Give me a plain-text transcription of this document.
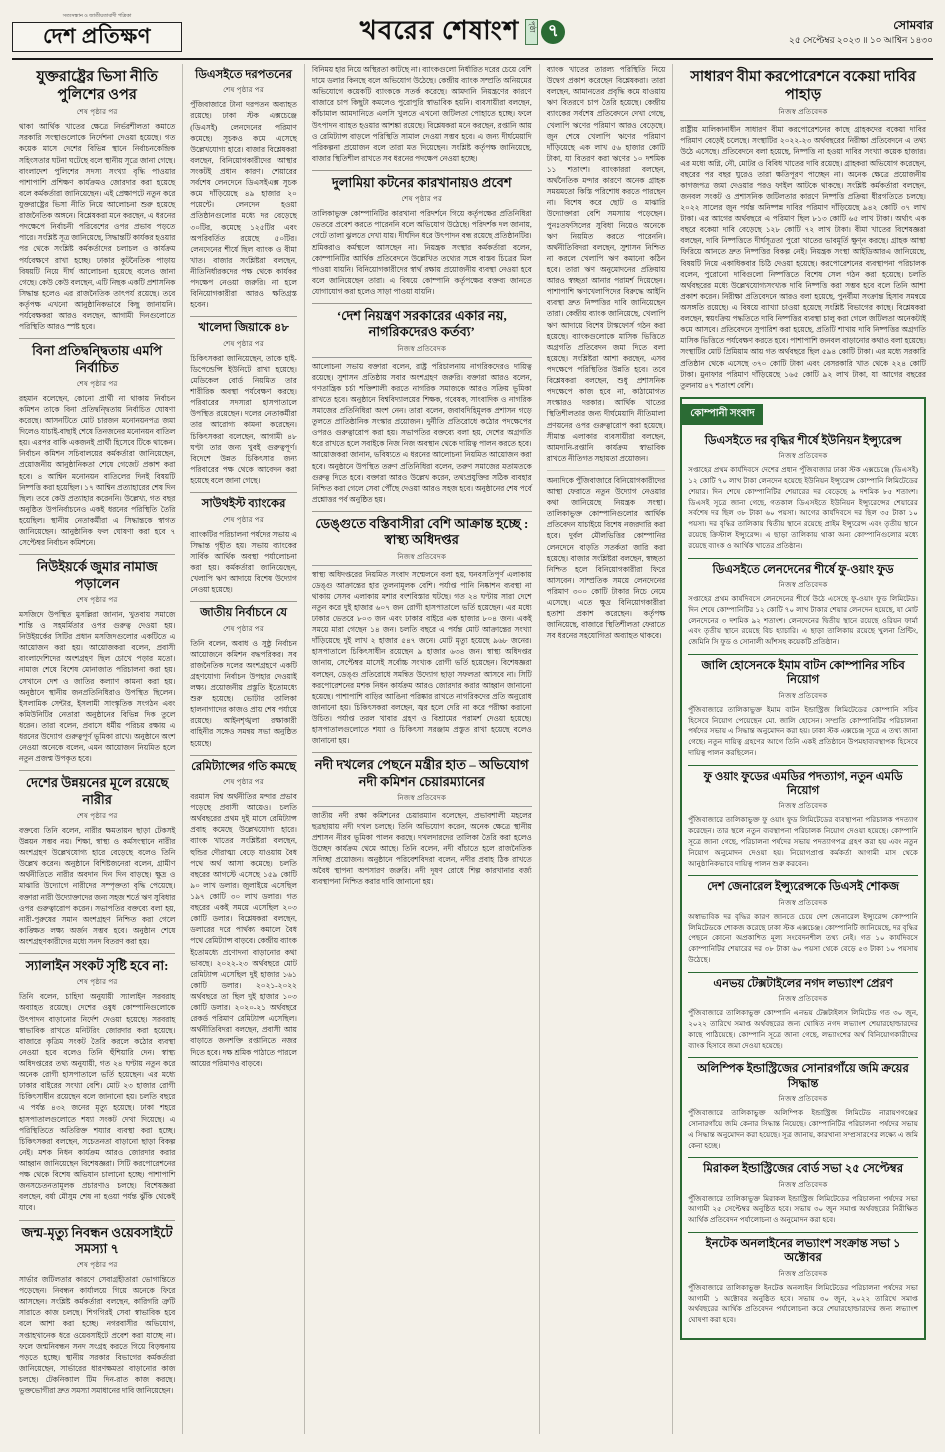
সত্যসন্ধান ও জাতীয়তাবাদী পত্রিকা
দেশ প্রতিক্ষণ	খবরের শেষাংশ	পৃষ্ঠা ৭	সোমবার
২৫ সেপ্টেম্বর ২০২৩ ॥ ১০ আশ্বিন ১৪৩০
যুক্তরাষ্ট্রের ভিসা নীতি পুলিশের ওপর
শেষ পৃষ্ঠার পর

থাকা আর্থিক খাতের ক্ষেত্রে নির্ভরশীলতা কমাতে সরকারি সংস্থাগুলোকে নির্দেশনা দেওয়া হয়েছে। গত কয়েক মাসে দেশের বিভিন্ন স্থানে নির্বাচনকেন্দ্রিক সহিংসতার ঘটনা ঘটেছে বলে স্থানীয় সূত্রে জানা গেছে। বাংলাদেশ পুলিশের সদস্য সংখ্যা বৃদ্ধি পাওয়ার পাশাপাশি প্রশিক্ষণ কার্যক্রমও জোরদার করা হয়েছে বলে কর্মকর্তারা জানিয়েছেন। এই প্রেক্ষাপটে নতুন করে যুক্তরাষ্ট্রের ভিসা নীতি নিয়ে আলোচনা শুরু হয়েছে রাজনৈতিক অঙ্গনে। বিশ্লেষকরা মনে করছেন, এ ধরনের পদক্ষেপে নির্বাচনী পরিবেশের ওপর প্রভাব পড়তে পারে। সংশ্লিষ্ট সূত্র জানিয়েছে, সিদ্ধান্তটি কার্যকর হওয়ার পর থেকে সংশ্লিষ্ট কর্মকর্তাদের চলাচল ও কার্যক্রম পর্যবেক্ষণে রাখা হচ্ছে। ঢাকার কূটনৈতিক পাড়ায় বিষয়টি নিয়ে দীর্ঘ আলোচনা হয়েছে বলেও জানা গেছে। কেউ কেউ বলছেন, এটি নিছক একটি প্রশাসনিক সিদ্ধান্ত হলেও এর রাজনৈতিক তাৎপর্য রয়েছে। তবে কর্তৃপক্ষ এখনো আনুষ্ঠানিকভাবে কিছু জানায়নি। পর্যবেক্ষকরা আরও বলছেন, আগামী দিনগুলোতে পরিস্থিতি আরও স্পষ্ট হবে।

বিনা প্রতিদ্বন্দ্বিতায় এমপি নির্বাচিত
শেষ পৃষ্ঠার পর

রহমান বলেছেন, কোনো প্রার্থী না থাকায় নির্বাচন কমিশন তাকে বিনা প্রতিদ্বন্দ্বিতায় নির্বাচিত ঘোষণা করেছে। আসনটিতে মোট চারজন মনোনয়নপত্র জমা দিলেও যাচাই-বাছাই শেষে তিনজনের মনোনয়ন বাতিল হয়। এরপর বাকি একজনই প্রার্থী হিসেবে টিকে থাকেন। নির্বাচন কমিশন সচিবালয়ের কর্মকর্তারা জানিয়েছেন, প্রয়োজনীয় আনুষ্ঠানিকতা শেষে গেজেট প্রকাশ করা হবে। ৪ আশ্বিন মনোনয়ন বাতিলের দিনই বিষয়টি নিষ্পত্তি করা হয়েছিল। ১৭ আশ্বিন প্রত্যাহারের শেষ দিন ছিল। তবে কেউ প্রত্যাহার করেননি। উল্লেখ্য, গত বছর অনুষ্ঠিত উপনির্বাচনেও একই ধরনের পরিস্থিতি তৈরি হয়েছিল। স্থানীয় নেতাকর্মীরা এ সিদ্ধান্তকে স্বাগত জানিয়েছেন। আনুষ্ঠানিক ফল ঘোষণা করা হবে ৭ সেপ্টেম্বর নির্বাচন কমিশনে।

নিউইয়র্কে জুমার নামাজ পড়ালেন
শেষ পৃষ্ঠার পর

মসজিদে উপস্থিত মুসল্লিরা জানান, খুতবায় সমাজে শান্তি ও সহমর্মিতার ওপর গুরুত্ব দেওয়া হয়। নিউইয়র্কের সিটির প্রধান মসজিদগুলোর একটিতে এ আয়োজন করা হয়। আয়োজকরা বলেন, প্রবাসী বাংলাদেশিদের অংশগ্রহণ ছিল চোখে পড়ার মতো। নামাজ শেষে বিশেষ মোনাজাত পরিচালনা করা হয়। সেখানে দেশ ও জাতির কল্যাণ কামনা করা হয়। অনুষ্ঠানে স্থানীয় জনপ্রতিনিধিরাও উপস্থিত ছিলেন। ইসলামিক সেন্টার, ইসলামী সাংস্কৃতিক সংগঠন এবং কমিউনিটির নেতারা অনুষ্ঠানের বিভিন্ন দিক তুলে ধরেন। তারা বলেন, প্রবাসে ধর্মীয় পরিচয় রক্ষায় এ ধরনের উদ্যোগ গুরুত্বপূর্ণ ভূমিকা রাখে। অনুষ্ঠানে অংশ নেওয়া অনেকে বলেন, এমন আয়োজন নিয়মিত হলে নতুন প্রজন্ম উপকৃত হবে।

দেশের উন্নয়নের মূলে রয়েছে নারীর
শেষ পৃষ্ঠার পর

বক্তব্যে তিনি বলেন, নারীর ক্ষমতায়ন ছাড়া টেকসই উন্নয়ন সম্ভব নয়। শিক্ষা, স্বাস্থ্য ও কর্মসংস্থানে নারীর অংশগ্রহণ উল্লেখযোগ্য হারে বেড়েছে বলেও তিনি উল্লেখ করেন। অনুষ্ঠানে বিশিষ্টজনেরা বলেন, গ্রামীণ অর্থনীতিতে নারীর অবদান দিন দিন বাড়ছে। ক্ষুদ্র ও মাঝারি উদ্যোগে নারীদের সম্পৃক্ততা বৃদ্ধি পেয়েছে। বক্তারা নারী উদ্যোক্তাদের জন্য সহজ শর্তে ঋণ সুবিধার ওপর গুরুত্বারোপ করেন। সভাপতির বক্তব্যে বলা হয়, নারী-পুরুষের সমান অংশগ্রহণ নিশ্চিত করা গেলে কাঙ্ক্ষিত লক্ষ্য অর্জন সম্ভব হবে। অনুষ্ঠান শেষে অংশগ্রহণকারীদের মধ্যে সনদ বিতরণ করা হয়।

স্যালাইন সংকট সৃষ্টি হবে না:
শেষ পৃষ্ঠার পর

তিনি বলেন, চাহিদা অনুযায়ী স্যালাইন সরবরাহ অব্যাহত রয়েছে। দেশের ওষুধ কোম্পানিগুলোকে উৎপাদন বাড়ানোর নির্দেশ দেওয়া হয়েছে। সরবরাহ স্বাভাবিক রাখতে মনিটরিং জোরদার করা হয়েছে। বাজারে কৃত্রিম সংকট তৈরি করলে কঠোর ব্যবস্থা নেওয়া হবে বলেও তিনি হুঁশিয়ারি দেন। স্বাস্থ্য অধিদপ্তরের তথ্য অনুযায়ী, গত ২৪ ঘণ্টায় নতুন করে অনেক রোগী হাসপাতালে ভর্তি হয়েছেন। এর মধ্যে ঢাকার বাইরের সংখ্যা বেশি। মোট ২৩ হাজার রোগী চিকিৎসাধীন রয়েছেন বলে জানানো হয়। চলতি বছরে এ পর্যন্ত ৪৩২ জনের মৃত্যু হয়েছে। ঢাকা শহরে হাসপাতালগুলোতে শয্যা সংকট দেখা দিয়েছে। এ পরিস্থিতিতে অতিরিক্ত শয্যার ব্যবস্থা করা হচ্ছে। চিকিৎসকরা বলছেন, সচেতনতা বাড়ানো ছাড়া বিকল্প নেই। মশক নিধন কার্যক্রম আরও জোরদার করার আহ্বান জানিয়েছেন বিশেষজ্ঞরা। সিটি করপোরেশনের পক্ষ থেকে বিশেষ অভিযান চালানো হচ্ছে। পাশাপাশি জনসচেতনতামূলক প্রচারণাও চলছে। বিশেষজ্ঞরা বলছেন, বর্ষা মৌসুম শেষ না হওয়া পর্যন্ত ঝুঁকি থেকেই যাবে।

জন্ম-মৃত্যু নিবন্ধন ওয়েবসাইটে সমস্যা ৭
শেষ পৃষ্ঠার পর

সার্ভার জটিলতার কারণে সেবাগ্রহীতারা ভোগান্তিতে পড়েছেন। নিবন্ধন কার্যালয়ে গিয়ে অনেকে ফিরে আসছেন। সংশ্লিষ্ট কর্মকর্তারা বলছেন, কারিগরি ত্রুটি সারাতে কাজ চলছে। শিগগিরই সেবা স্বাভাবিক হবে বলে আশা করা হচ্ছে। নগরবাসীর অভিযোগ, সপ্তাহখানেক ধরে ওয়েবসাইটে প্রবেশ করা যাচ্ছে না। ফলে জন্মনিবন্ধন সনদ সংগ্রহ করতে গিয়ে বিড়ম্বনায় পড়তে হচ্ছে। স্থানীয় সরকার বিভাগের কর্মকর্তারা জানিয়েছেন, সার্ভারের ধারণক্ষমতা বাড়ানোর কাজ চলছে। টেকনিক্যাল টিম দিন-রাত কাজ করছে। ভুক্তভোগীরা দ্রুত সমস্যা সমাধানের দাবি জানিয়েছেন।

ডিএসইতে দরপতনের
শেষ পৃষ্ঠার পর

পুঁজিবাজারে টানা দরপতন অব্যাহত রয়েছে। ঢাকা স্টক এক্সচেঞ্জে (ডিএসই) লেনদেনের পরিমাণ কমেছে। সূচকও কমে এসেছে উল্লেখযোগ্য হারে। বাজার বিশ্লেষকরা বলছেন, বিনিয়োগকারীদের আস্থার সংকটই প্রধান কারণ। শেয়ারের সর্বশেষ লেনদেনে ডিএসইএক্স সূচক কমে দাঁড়িয়েছে ৪৯ হাজার ২০ পয়েন্টে। লেনদেন হওয়া প্রতিষ্ঠানগুলোর মধ্যে দর বেড়েছে ৩০টির, কমেছে ১২৫টির এবং অপরিবর্তিত রয়েছে ৫০টির। লেনদেনের শীর্ষে ছিল ব্যাংক ও বীমা খাত। বাজার সংশ্লিষ্টরা বলছেন, নীতিনির্ধারকদের পক্ষ থেকে কার্যকর পদক্ষেপ নেওয়া জরুরি। না হলে বিনিয়োগকারীরা আরও ক্ষতিগ্রস্ত হবেন।

খালেদা জিয়াকে ৪৮
শেষ পৃষ্ঠার পর

চিকিৎসকরা জানিয়েছেন, তাকে হাই-ডিপেন্ডেন্সি ইউনিটে রাখা হয়েছে। মেডিকেল বোর্ড নিয়মিত তার শারীরিক অবস্থা পর্যবেক্ষণ করছে। পরিবারের সদস্যরা হাসপাতালে উপস্থিত রয়েছেন। দলের নেতাকর্মীরা তার আরোগ্য কামনা করেছেন। চিকিৎসকরা বলেছেন, আগামী ৪৮ ঘণ্টা তার জন্য খুবই গুরুত্বপূর্ণ। বিদেশে উন্নত চিকিৎসার জন্য পরিবারের পক্ষ থেকে আবেদন করা হয়েছে বলে জানা গেছে।

সাউথইস্ট ব্যাংকের
শেষ পৃষ্ঠার পর

ব্যাংকটির পরিচালনা পর্ষদের সভায় এ সিদ্ধান্ত গৃহীত হয়। সভায় ব্যাংকের সার্বিক আর্থিক অবস্থা পর্যালোচনা করা হয়। কর্মকর্তারা জানিয়েছেন, খেলাপি ঋণ আদায়ে বিশেষ উদ্যোগ নেওয়া হয়েছে।

জাতীয় নির্বাচনে যে
শেষ পৃষ্ঠার পর

তিনি বলেন, অবাধ ও সুষ্ঠু নির্বাচন আয়োজনে কমিশন বদ্ধপরিকর। সব রাজনৈতিক দলের অংশগ্রহণে একটি গ্রহণযোগ্য নির্বাচন উপহার দেওয়াই লক্ষ্য। প্রয়োজনীয় প্রস্তুতি ইতোমধ্যে শুরু হয়েছে। ভোটার তালিকা হালনাগাদের কাজও প্রায় শেষ পর্যায়ে রয়েছে। আইনশৃঙ্খলা রক্ষাকারী বাহিনীর সঙ্গেও সমন্বয় সভা অনুষ্ঠিত হয়েছে।

রেমিট্যান্সের গতি কমছে
শেষ পৃষ্ঠার পর

বরমাস বিশ্ব অর্থনীতির মন্দার প্রভাব পড়েছে প্রবাসী আয়েও। চলতি অর্থবছরের প্রথম দুই মাসে রেমিট্যান্স প্রবাহ কমেছে উল্লেখযোগ্য হারে। ব্যাংক খাতের সংশ্লিষ্টরা বলছেন, হুন্ডির দৌরাত্ম্য বেড়ে যাওয়ায় বৈধ পথে অর্থ আসা কমেছে। চলতি বছরের আগস্টে এসেছে ১৫৯ কোটি ৯০ লাখ ডলার। জুলাইয়ে এসেছিল ১৯৭ কোটি ৩০ লাখ ডলার। গত বছরের একই সময়ে এসেছিল ২০৩ কোটি ডলার। বিশ্লেষকরা বলছেন, ডলারের দরে পার্থক্য কমালে বৈধ পথে রেমিট্যান্স বাড়বে। কেন্দ্রীয় ব্যাংক ইতোমধ্যে প্রণোদনা বাড়ানোর কথা ভাবছে। ২০২২-২৩ অর্থবছরে মোট রেমিট্যান্স এসেছিল দুই হাজার ১৬১ কোটি ডলার। ২০২১-২০২২ অর্থবছরে তা ছিল দুই হাজার ১০৩ কোটি ডলার। ২০২০-২১ অর্থবছরে রেকর্ড পরিমাণ রেমিট্যান্স এসেছিল। অর্থনীতিবিদরা বলছেন, প্রবাসী আয় বাড়াতে জনশক্তি রপ্তানিতে নজর দিতে হবে। দক্ষ শ্রমিক পাঠাতে পারলে আয়ের পরিমাণও বাড়বে।

বিনিময় হার নিয়ে অস্থিরতা কাটছে না। ব্যাংকগুলো নির্ধারিত দরের চেয়ে বেশি দামে ডলার কিনছে বলে অভিযোগ উঠেছে। কেন্দ্রীয় ব্যাংক সম্প্রতি অনিয়মের অভিযোগে কয়েকটি ব্যাংককে সতর্ক করেছে। আমদানি নিয়ন্ত্রণের কারণে বাজারে চাপ কিছুটা কমলেও পুরোপুরি স্বাভাবিক হয়নি। ব্যবসায়ীরা বলছেন, কাঁচামাল আমদানিতে এলসি খুলতে এখনো জটিলতা পোহাতে হচ্ছে। ফলে উৎপাদন ব্যাহত হওয়ার আশঙ্কা রয়েছে। বিশ্লেষকরা মনে করছেন, রপ্তানি আয় ও রেমিট্যান্স বাড়লে পরিস্থিতি সামাল দেওয়া সম্ভব হবে। এ জন্য দীর্ঘমেয়াদি পরিকল্পনা প্রয়োজন বলে তারা মত দিয়েছেন। সংশ্লিষ্ট কর্তৃপক্ষ জানিয়েছে, বাজার স্থিতিশীল রাখতে সব ধরনের পদক্ষেপ নেওয়া হচ্ছে।

দুলামিয়া কটনের কারখানায়ও প্রবেশ
শেষ পৃষ্ঠার পর

তালিকাভুক্ত কোম্পানিটির কারখানা পরিদর্শনে গিয়ে কর্তৃপক্ষের প্রতিনিধিরা ভেতরে প্রবেশ করতে পারেননি বলে অভিযোগ উঠেছে। পরিদর্শক দল জানায়, গেটে তালা ঝুলতে দেখা যায়। দীর্ঘদিন ধরে উৎপাদন বন্ধ রয়েছে প্রতিষ্ঠানটির। শ্রমিকরাও কর্মস্থলে আসছেন না। নিয়ন্ত্রক সংস্থার কর্মকর্তারা বলেন, কোম্পানিটির আর্থিক প্রতিবেদনে উল্লেখিত তথ্যের সঙ্গে বাস্তব চিত্রের মিল পাওয়া যায়নি। বিনিয়োগকারীদের স্বার্থ রক্ষায় প্রয়োজনীয় ব্যবস্থা নেওয়া হবে বলে জানিয়েছেন তারা। এ বিষয়ে কোম্পানি কর্তৃপক্ষের বক্তব্য জানতে যোগাযোগ করা হলেও সাড়া পাওয়া যায়নি।

‘দেশ নিয়ন্ত্রণ সরকারের একার নয়, নাগরিকদেরও কর্তব্য’
নিজস্ব প্রতিবেদক

আলোচনা সভায় বক্তারা বলেন, রাষ্ট্র পরিচালনায় নাগরিকদেরও দায়িত্ব রয়েছে। সুশাসন প্রতিষ্ঠায় সবার অংশগ্রহণ জরুরি। বক্তারা আরও বলেন, গণতান্ত্রিক চর্চা শক্তিশালী করতে নাগরিক সমাজকে আরও সক্রিয় ভূমিকা রাখতে হবে। অনুষ্ঠানে বিশ্ববিদ্যালয়ের শিক্ষক, গবেষক, সাংবাদিক ও নাগরিক সমাজের প্রতিনিধিরা অংশ নেন। তারা বলেন, জবাবদিহিমূলক প্রশাসন গড়ে তুলতে প্রাতিষ্ঠানিক সংস্কার প্রয়োজন। দুর্নীতি প্রতিরোধে কঠোর পদক্ষেপের ওপরও গুরুত্বারোপ করা হয়। সভাপতির বক্তব্যে বলা হয়, দেশের অগ্রগতি ধরে রাখতে হলে সবাইকে নিজ নিজ অবস্থান থেকে দায়িত্ব পালন করতে হবে। আয়োজকরা জানান, ভবিষ্যতে এ ধরনের আলোচনা নিয়মিত আয়োজন করা হবে। অনুষ্ঠানে উপস্থিত তরুণ প্রতিনিধিরা বলেন, তরুণ সমাজের মতামতকে গুরুত্ব দিতে হবে। বক্তারা আরও উল্লেখ করেন, তথ্যপ্রযুক্তির সঠিক ব্যবহার নিশ্চিত করা গেলে সেবা পৌঁছে দেওয়া আরও সহজ হবে। অনুষ্ঠানের শেষ পর্বে প্রশ্নোত্তর পর্ব অনুষ্ঠিত হয়।

ডেঙ্গুতে বস্তিবাসীরা বেশি আক্রান্ত হচ্ছে : স্বাস্থ্য অধিদপ্তর
নিজস্ব প্রতিবেদক

স্বাস্থ্য অধিদপ্তরের নিয়মিত সংবাদ সম্মেলনে বলা হয়, ঘনবসতিপূর্ণ এলাকায় ডেঙ্গু আক্রান্তের হার তুলনামূলক বেশি। পর্যাপ্ত পানি নিষ্কাশন ব্যবস্থা না থাকায় সেসব এলাকায় মশার বংশবিস্তার ঘটছে। গত ২৪ ঘণ্টায় সারা দেশে নতুন করে দুই হাজার ৬০৭ জন রোগী হাসপাতালে ভর্তি হয়েছেন। এর মধ্যে ঢাকার ভেতরে ৮০৩ জন এবং ঢাকার বাইরে এক হাজার ৮০৪ জন। একই সময়ে মারা গেছেন ১৪ জন। চলতি বছরে এ পর্যন্ত মোট আক্রান্তের সংখ্যা দাঁড়িয়েছে দুই লাখ ২ হাজার ৫৪৭ জনে। মোট মৃত্যু হয়েছে ৯৬৮ জনের। হাসপাতালে চিকিৎসাধীন রয়েছেন ৯ হাজার ৬৩৪ জন। স্বাস্থ্য অধিদপ্তর জানায়, সেপ্টেম্বর মাসেই সর্বোচ্চ সংখ্যক রোগী ভর্তি হয়েছেন। বিশেষজ্ঞরা বলছেন, ডেঙ্গু প্রতিরোধে সমন্বিত উদ্যোগ ছাড়া সফলতা আসবে না। সিটি করপোরেশনের মশক নিধন কার্যক্রম আরও জোরদার করার আহ্বান জানানো হয়েছে। পাশাপাশি বাড়ির আঙিনা পরিষ্কার রাখতে নাগরিকদের প্রতি অনুরোধ জানানো হয়। চিকিৎসকরা বলছেন, জ্বর হলে দেরি না করে পরীক্ষা করানো উচিত। পর্যাপ্ত তরল খাবার গ্রহণ ও বিশ্রামের পরামর্শ দেওয়া হয়েছে। হাসপাতালগুলোতে শয্যা ও চিকিৎসা সরঞ্জাম প্রস্তুত রাখা হয়েছে বলেও জানানো হয়।

নদী দখলের পেছনে মন্ত্রীর হাত – অভিযোগ নদী কমিশন চেয়ারম্যানের
নিজস্ব প্রতিবেদক

জাতীয় নদী রক্ষা কমিশনের চেয়ারম্যান বলেছেন, প্রভাবশালী মহলের ছত্রছায়ায় নদী দখল চলছে। তিনি অভিযোগ করেন, অনেক ক্ষেত্রে স্থানীয় প্রশাসন নীরব ভূমিকা পালন করছে। দখলদারদের তালিকা তৈরি করা হলেও উচ্ছেদ কার্যক্রম থেমে আছে। তিনি বলেন, নদী বাঁচাতে হলে রাজনৈতিক সদিচ্ছা প্রয়োজন। অনুষ্ঠানে পরিবেশবিদরা বলেন, নদীর প্রবাহ ঠিক রাখতে অবৈধ স্থাপনা অপসারণ জরুরি। নদী দূষণ রোধে শিল্প কারখানার বর্জ্য ব্যবস্থাপনা নিশ্চিত করার দাবি জানানো হয়।

ব্যাংক খাতের তারল্য পরিস্থিতি নিয়ে উদ্বেগ প্রকাশ করেছেন বিশ্লেষকরা। তারা বলছেন, আমানতের প্রবৃদ্ধি কমে যাওয়ায় ঋণ বিতরণে চাপ তৈরি হয়েছে। কেন্দ্রীয় ব্যাংকের সর্বশেষ প্রতিবেদনে দেখা গেছে, খেলাপি ঋণের পরিমাণ আরও বেড়েছে। জুন শেষে খেলাপি ঋণের পরিমাণ দাঁড়িয়েছে এক লাখ ৫৬ হাজার কোটি টাকা, যা বিতরণ করা ঋণের ১০ দশমিক ১১ শতাংশ। ব্যাংকাররা বলছেন, অর্থনৈতিক মন্দার কারণে অনেক গ্রাহক সময়মতো কিস্তি পরিশোধ করতে পারছেন না। বিশেষ করে ছোট ও মাঝারি উদ্যোক্তারা বেশি সমস্যায় পড়েছেন। পুনঃতফসিলের সুবিধা নিয়েও অনেকে ঋণ নিয়মিত করতে পারেননি। অর্থনীতিবিদরা বলছেন, সুশাসন নিশ্চিত না করলে খেলাপি ঋণ কমানো কঠিন হবে। তারা ঋণ অনুমোদনের প্রক্রিয়ায় আরও স্বচ্ছতা আনার পরামর্শ দিয়েছেন। পাশাপাশি ঋণখেলাপিদের বিরুদ্ধে আইনি ব্যবস্থা দ্রুত নিষ্পত্তির দাবি জানিয়েছেন তারা। কেন্দ্রীয় ব্যাংক জানিয়েছে, খেলাপি ঋণ আদায়ে বিশেষ টাস্কফোর্স গঠন করা হয়েছে। ব্যাংকগুলোকে মাসিক ভিত্তিতে অগ্রগতি প্রতিবেদন জমা দিতে বলা হয়েছে। সংশ্লিষ্টরা আশা করছেন, এসব পদক্ষেপে পরিস্থিতির উন্নতি হবে। তবে বিশ্লেষকরা বলছেন, শুধু প্রশাসনিক পদক্ষেপে কাজ হবে না, কাঠামোগত সংস্কারও দরকার। আর্থিক খাতের স্থিতিশীলতার জন্য দীর্ঘমেয়াদি নীতিমালা প্রণয়নের ওপর গুরুত্বারোপ করা হয়েছে। সীমান্ত এলাকার ব্যবসায়ীরা বলছেন, আমদানি-রপ্তানি কার্যক্রম স্বাভাবিক রাখতে নীতিগত সহায়তা প্রয়োজন।

অন্যদিকে পুঁজিবাজারে বিনিয়োগকারীদের আস্থা ফেরাতে নতুন উদ্যোগ নেওয়ার কথা জানিয়েছে নিয়ন্ত্রক সংস্থা। তালিকাভুক্ত কোম্পানিগুলোর আর্থিক প্রতিবেদন যাচাইয়ে বিশেষ নজরদারি করা হবে। দুর্বল মৌলভিত্তির কোম্পানির লেনদেনে বাড়তি সতর্কতা জারি করা হয়েছে। বাজার সংশ্লিষ্টরা বলছেন, স্বচ্ছতা নিশ্চিত হলে বিনিয়োগকারীরা ফিরে আসবেন। সাম্প্রতিক সময়ে লেনদেনের পরিমাণ ৩০০ কোটি টাকার নিচে নেমে এসেছে। এতে ক্ষুদ্র বিনিয়োগকারীরা হতাশা প্রকাশ করেছেন। কর্তৃপক্ষ জানিয়েছে, বাজারে স্থিতিশীলতা ফেরাতে সব ধরনের সহযোগিতা অব্যাহত থাকবে।

সাধারণ বীমা করপোরেশনে বকেয়া দাবির পাহাড়
নিজস্ব প্রতিবেদক

রাষ্ট্রীয় মালিকানাধীন সাধারণ বীমা করপোরেশনের কাছে গ্রাহকদের বকেয়া দাবির পরিমাণ বেড়েই চলেছে। সংস্থাটির ২০২২-২৩ অর্থবছরের নিরীক্ষা প্রতিবেদনে এ তথ্য উঠে এসেছে। প্রতিবেদনে বলা হয়েছে, নিষ্পত্তি না হওয়া দাবির সংখ্যা কয়েক হাজার। এর মধ্যে অগ্নি, নৌ, মোটর ও বিবিধ খাতের দাবি রয়েছে। গ্রাহকরা অভিযোগ করেছেন, বছরের পর বছর ঘুরেও তারা ক্ষতিপূরণ পাচ্ছেন না। অনেক ক্ষেত্রে প্রয়োজনীয় কাগজপত্র জমা দেওয়ার পরও ফাইল আটকে থাকছে। সংশ্লিষ্ট কর্মকর্তারা বলছেন, জনবল সংকট ও প্রশাসনিক জটিলতার কারণে নিষ্পত্তি প্রক্রিয়া ধীরগতিতে চলছে। ২০২২ সালের জুন পর্যন্ত অনিষ্পন্ন দাবির পরিমাণ দাঁড়িয়েছে ৯৪২ কোটি ৩৭ লাখ টাকা। এর আগের অর্থবছরে এ পরিমাণ ছিল ৮১৩ কোটি ৬৫ লাখ টাকা। অর্থাৎ এক বছরে বকেয়া দাবি বেড়েছে ১২৮ কোটি ৭২ লাখ টাকা। বীমা খাতের বিশেষজ্ঞরা বলছেন, দাবি নিষ্পত্তিতে দীর্ঘসূত্রতা পুরো খাতের ভাবমূর্তি ক্ষুণ্ন করছে। গ্রাহক আস্থা ফিরিয়ে আনতে দ্রুত নিষ্পত্তির বিকল্প নেই। নিয়ন্ত্রক সংস্থা আইডিআরএ জানিয়েছে, বিষয়টি নিয়ে একাধিকবার চিঠি দেওয়া হয়েছে। করপোরেশনের ব্যবস্থাপনা পরিচালক বলেন, পুরোনো দাবিগুলো নিষ্পত্তিতে বিশেষ সেল গঠন করা হয়েছে। চলতি অর্থবছরের মধ্যে উল্লেখযোগ্যসংখ্যক দাবি নিষ্পত্তি করা সম্ভব হবে বলে তিনি আশা প্রকাশ করেন। নিরীক্ষা প্রতিবেদনে আরও বলা হয়েছে, পুনর্বীমা সংক্রান্ত হিসাব সমন্বয়ে অসঙ্গতি রয়েছে। এ বিষয়ে ব্যাখ্যা চাওয়া হয়েছে সংশ্লিষ্ট বিভাগের কাছে। বিশ্লেষকরা বলছেন, স্বয়ংক্রিয় পদ্ধতিতে দাবি নিষ্পত্তির ব্যবস্থা চালু করা গেলে জটিলতা অনেকটাই কমে আসবে। প্রতিবেদনে সুপারিশ করা হয়েছে, প্রতিটি শাখায় দাবি নিষ্পত্তির অগ্রগতি মাসিক ভিত্তিতে পর্যবেক্ষণ করতে হবে। পাশাপাশি জনবল বাড়ানোর কথাও বলা হয়েছে। সংস্থাটির মোট প্রিমিয়াম আয় গত অর্থবছরে ছিল ৫৯৪ কোটি টাকা। এর মধ্যে সরকারি প্রতিষ্ঠান থেকে এসেছে ৩৭০ কোটি টাকা এবং বেসরকারি খাত থেকে ২২৪ কোটি টাকা। মুনাফার পরিমাণ দাঁড়িয়েছে ১৬৫ কোটি ৯২ লাখ টাকা, যা আগের বছরের তুলনায় ৪৭ শতাংশ বেশি।

কোম্পানী সংবাদ
ডিএসইতে দর বৃদ্ধির শীর্ষে ইউনিয়ন ইন্স্যুরেন্স
নিজস্ব প্রতিবেদক

সপ্তাহের প্রথম কার্যদিবসে দেশের প্রধান পুঁজিবাজার ঢাকা স্টক এক্সচেঞ্জে (ডিএসই) ১২ কোটি ৭০ লাখ টাকা লেনদেন হয়েছে ইউনিয়ন ইন্স্যুরেন্স কোম্পানি লিমিটেডের শেয়ার। দিন শেষে কোম্পানিটির শেয়ারের দর বেড়েছে ৯ দশমিক ৮৫ শতাংশ। ডিএসই সূত্রে জানা গেছে, গতকাল ডিএসইতে ইউনিয়ন ইন্স্যুরেন্সের শেয়ারের সর্বশেষ দর ছিল ৩৮ টাকা ৬০ পয়সা। আগের কার্যদিবসে দর ছিল ৩৫ টাকা ১০ পয়সা। দর বৃদ্ধির তালিকায় দ্বিতীয় স্থানে রয়েছে প্রাইম ইন্স্যুরেন্স এবং তৃতীয় স্থানে রয়েছে ক্রিস্টাল ইন্স্যুরেন্স। এ ছাড়া তালিকায় থাকা অন্য কোম্পানিগুলোর মধ্যে রয়েছে ব্যাংক ও আর্থিক খাতের প্রতিষ্ঠান।

ডিএসইতে লেনদেনের শীর্ষে ফু-ওয়াং ফুড
নিজস্ব প্রতিবেদক

সপ্তাহের প্রথম কার্যদিবসে লেনদেনের শীর্ষে উঠে এসেছে ফু-ওয়াং ফুড লিমিটেড। দিন শেষে কোম্পানিটির ১২ কোটি ৭০ লাখ টাকার শেয়ার লেনদেন হয়েছে, যা মোট লেনদেনের ৩ দশমিক ৯২ শতাংশ। লেনদেনের দ্বিতীয় স্থানে রয়েছে ওরিয়ন ফার্মা এবং তৃতীয় স্থানে রয়েছে বিচ হ্যাচারি। এ ছাড়া তালিকায় রয়েছে খুলনা প্রিন্টিং, জেমিনি সি ফুড ও সোনালী আঁশসহ কয়েকটি প্রতিষ্ঠান।

জালি হোসেনকে ইমাম বাটন কোম্পানির সচিব নিয়োগ
নিজস্ব প্রতিবেদক

পুঁজিবাজারে তালিকাভুক্ত ইমাম বাটন ইন্ডাস্ট্রিজ লিমিটেডের কোম্পানি সচিব হিসেবে নিয়োগ পেয়েছেন মো. জালি হোসেন। সম্প্রতি কোম্পানিটির পরিচালনা পর্ষদের সভায় এ সিদ্ধান্ত অনুমোদন করা হয়। ঢাকা স্টক এক্সচেঞ্জ সূত্রে এ তথ্য জানা গেছে। নতুন দায়িত্ব গ্রহণের আগে তিনি একই প্রতিষ্ঠানে উপমহাব্যবস্থাপক হিসেবে দায়িত্ব পালন করছিলেন।

ফু ওয়াং ফুডের এমডির পদত্যাগ, নতুন এমডি নিয়োগ
নিজস্ব প্রতিবেদক

পুঁজিবাজারে তালিকাভুক্ত ফু ওয়াং ফুড লিমিটেডের ব্যবস্থাপনা পরিচালক পদত্যাগ করেছেন। তার স্থলে নতুন ব্যবস্থাপনা পরিচালক নিয়োগ দেওয়া হয়েছে। কোম্পানি সূত্রে জানা গেছে, পরিচালনা পর্ষদের সভায় পদত্যাগপত্র গ্রহণ করা হয় এবং নতুন নিয়োগ অনুমোদন দেওয়া হয়। নিয়োগপ্রাপ্ত কর্মকর্তা আগামী মাস থেকে আনুষ্ঠানিকভাবে দায়িত্ব পালন শুরু করবেন।

দেশ জেনারেল ইন্স্যুরেন্সকে ডিএসই শোকজ
নিজস্ব প্রতিবেদক

অস্বাভাবিক দর বৃদ্ধির কারণ জানতে চেয়ে দেশ জেনারেল ইন্স্যুরেন্স কোম্পানি লিমিটেডকে শোকজ করেছে ঢাকা স্টক এক্সচেঞ্জ। কোম্পানিটি জানিয়েছে, দর বৃদ্ধির পেছনে কোনো অপ্রকাশিত মূল্য সংবেদনশীল তথ্য নেই। গত ১০ কার্যদিবসে কোম্পানিটির শেয়ারের দর ৩৮ টাকা ৬০ পয়সা থেকে বেড়ে ৫৩ টাকা ১০ পয়সায় উঠেছে।

এনভয় টেক্সটাইলের নগদ লভ্যাংশ প্রেরণ
নিজস্ব প্রতিবেদক

পুঁজিবাজারে তালিকাভুক্ত কোম্পানি এনভয় টেক্সটাইলস লিমিটেড গত ৩০ জুন, ২০২২ তারিখে সমাপ্ত অর্থবছরের জন্য ঘোষিত নগদ লভ্যাংশ শেয়ারহোল্ডারদের কাছে পাঠিয়েছে। কোম্পানি সূত্রে জানা গেছে, লভ্যাংশের অর্থ বিনিয়োগকারীদের ব্যাংক হিসাবে জমা দেওয়া হয়েছে।

অলিম্পিক ইন্ডাস্ট্রিজের সোনারগাঁয়ে জমি ক্রয়ের সিদ্ধান্ত
নিজস্ব প্রতিবেদক

পুঁজিবাজারে তালিকাভুক্ত অলিম্পিক ইন্ডাস্ট্রিজ লিমিটেড নারায়ণগঞ্জের সোনারগাঁয়ে জমি কেনার সিদ্ধান্ত নিয়েছে। কোম্পানিটির পরিচালনা পর্ষদের সভায় এ সিদ্ধান্ত অনুমোদন করা হয়েছে। সূত্র জানায়, কারখানা সম্প্রসারণের লক্ষ্যে এ জমি কেনা হচ্ছে।

মিরাকল ইন্ডাস্ট্রিজের বোর্ড সভা ২৫ সেপ্টেম্বর
নিজস্ব প্রতিবেদক

পুঁজিবাজারে তালিকাভুক্ত মিরাকল ইন্ডাস্ট্রিজ লিমিটেডের পরিচালনা পর্ষদের সভা আগামী ২৫ সেপ্টেম্বর অনুষ্ঠিত হবে। সভায় ৩০ জুন সমাপ্ত অর্থবছরের নিরীক্ষিত আর্থিক প্রতিবেদন পর্যালোচনা ও অনুমোদন করা হবে।

ইনটেক অনলাইনের লভ্যাংশ সংক্রান্ত সভা ১ অক্টোবর
নিজস্ব প্রতিবেদক

পুঁজিবাজারে তালিকাভুক্ত ইনটেক অনলাইন লিমিটেডের পরিচালনা পর্ষদের সভা আগামী ১ অক্টোবর অনুষ্ঠিত হবে। সভায় ৩০ জুন, ২০২২ তারিখে সমাপ্ত অর্থবছরের আর্থিক প্রতিবেদন পর্যালোচনা করে শেয়ারহোল্ডারদের জন্য লভ্যাংশ ঘোষণা করা হবে।
